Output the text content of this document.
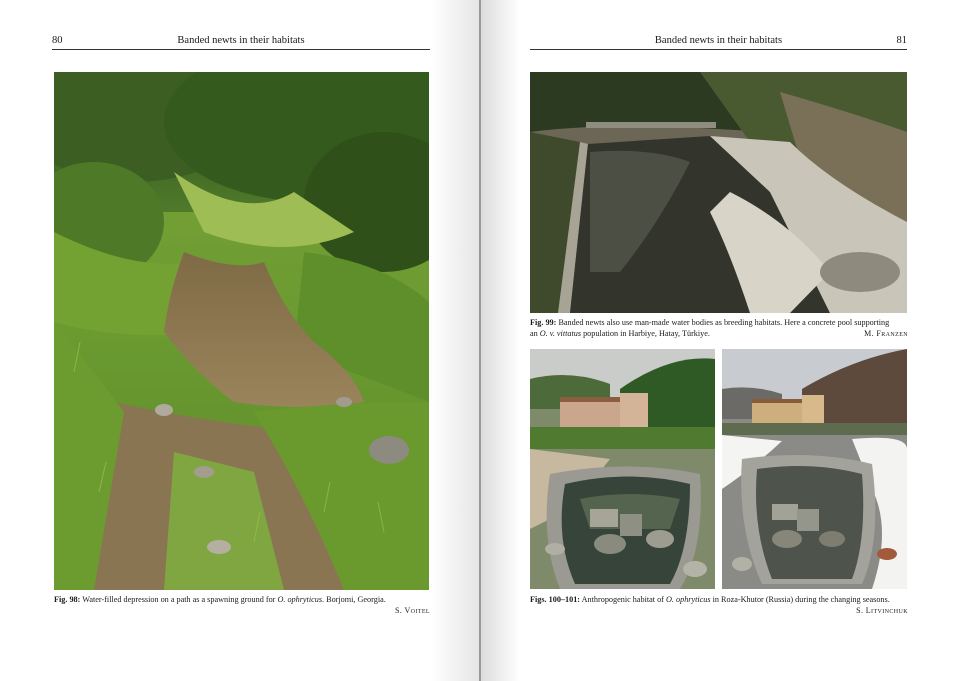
80	Banded newts in their habitats
Fig. 98: Water-filled depression on a path as a spawning ground for O. ophryticus. Borjomi, Georgia.
S. Voitel
Banded newts in their habitats	81
Fig. 99: Banded newts also use man-made water bodies as breeding habitats. Here a concrete pool supporting
an O. v. vittatus population in Harbiye, Hatay, Türkiye.	M. Franzen
Figs. 100–101: Anthropogenic habitat of O. ophryticus in Roza-Khutor (Russia) during the changing seasons.
S. Litvinchuk
